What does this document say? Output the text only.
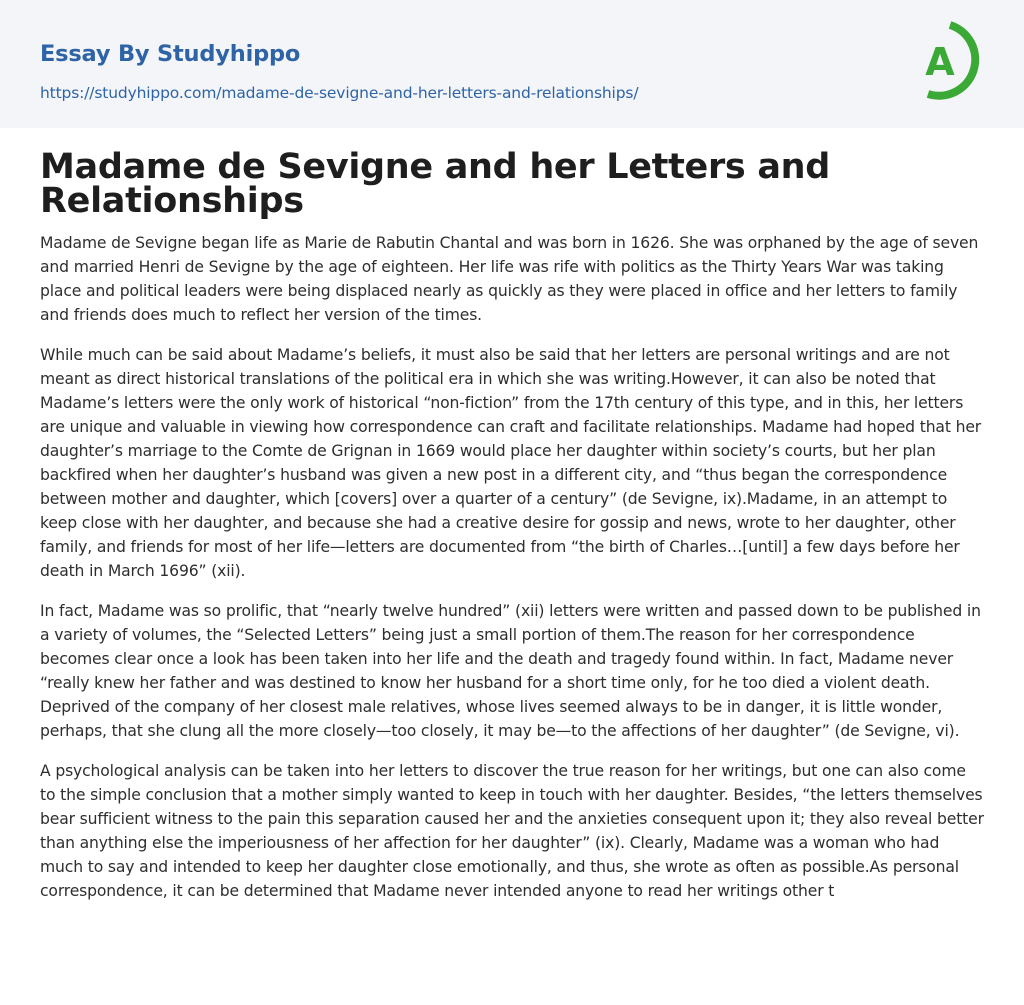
Essay By Studyhippo
https://studyhippo.com/madame-de-sevigne-and-her-letters-and-relationships/
A
Madame de Sevigne and her Letters and Relationships

Madame de Sevigne began life as Marie de Rabutin Chantal and was born in 1626. She was orphaned by the age of seven and married Henri de Sevigne by the age of eighteen. Her life was rife with politics as the Thirty Years War was taking place and political leaders were being displaced nearly as quickly as they were placed in office and her letters to family and friends does much to reflect her version of the times.

While much can be said about Madame’s beliefs, it must also be said that her letters are personal writings and are not meant as direct historical translations of the political era in which she was writing.However, it can also be noted that Madame’s letters were the only work of historical “non-fiction” from the 17th century of this type, and in this, her letters are unique and valuable in viewing how correspondence can craft and facilitate relationships. Madame had hoped that her daughter’s marriage to the Comte de Grignan in 1669 would place her daughter within society’s courts, but her plan backfired when her daughter’s husband was given a new post in a different city, and “thus began the correspondence between mother and daughter, which [covers] over a quarter of a century” (de Sevigne, ix).Madame, in an attempt to keep close with her daughter, and because she had a creative desire for gossip and news, wrote to her daughter, other family, and friends for most of her life—letters are documented from “the birth of Charles…[until] a few days before her death in March 1696” (xii).

In fact, Madame was so prolific, that “nearly twelve hundred” (xii) letters were written and passed down to be published in a variety of volumes, the “Selected Letters” being just a small portion of them.The reason for her correspondence becomes clear once a look has been taken into her life and the death and tragedy found within. In fact, Madame never “really knew her father and was destined to know her husband for a short time only, for he too died a violent death. Deprived of the company of her closest male relatives, whose lives seemed always to be in danger, it is little wonder, perhaps, that she clung all the more closely—too closely, it may be—to the affections of her daughter” (de Sevigne, vi).

A psychological analysis can be taken into her letters to discover the true reason for her writings, but one can also come to the simple conclusion that a mother simply wanted to keep in touch with her daughter. Besides, “the letters themselves bear sufficient witness to the pain this separation caused her and the anxieties consequent upon it; they also reveal better than anything else the imperiousness of her affection for her daughter” (ix). Clearly, Madame was a woman who had much to say and intended to keep her daughter close emotionally, and thus, she wrote as often as possible.As personal correspondence, it can be determined that Madame never intended anyone to read her writings other t
